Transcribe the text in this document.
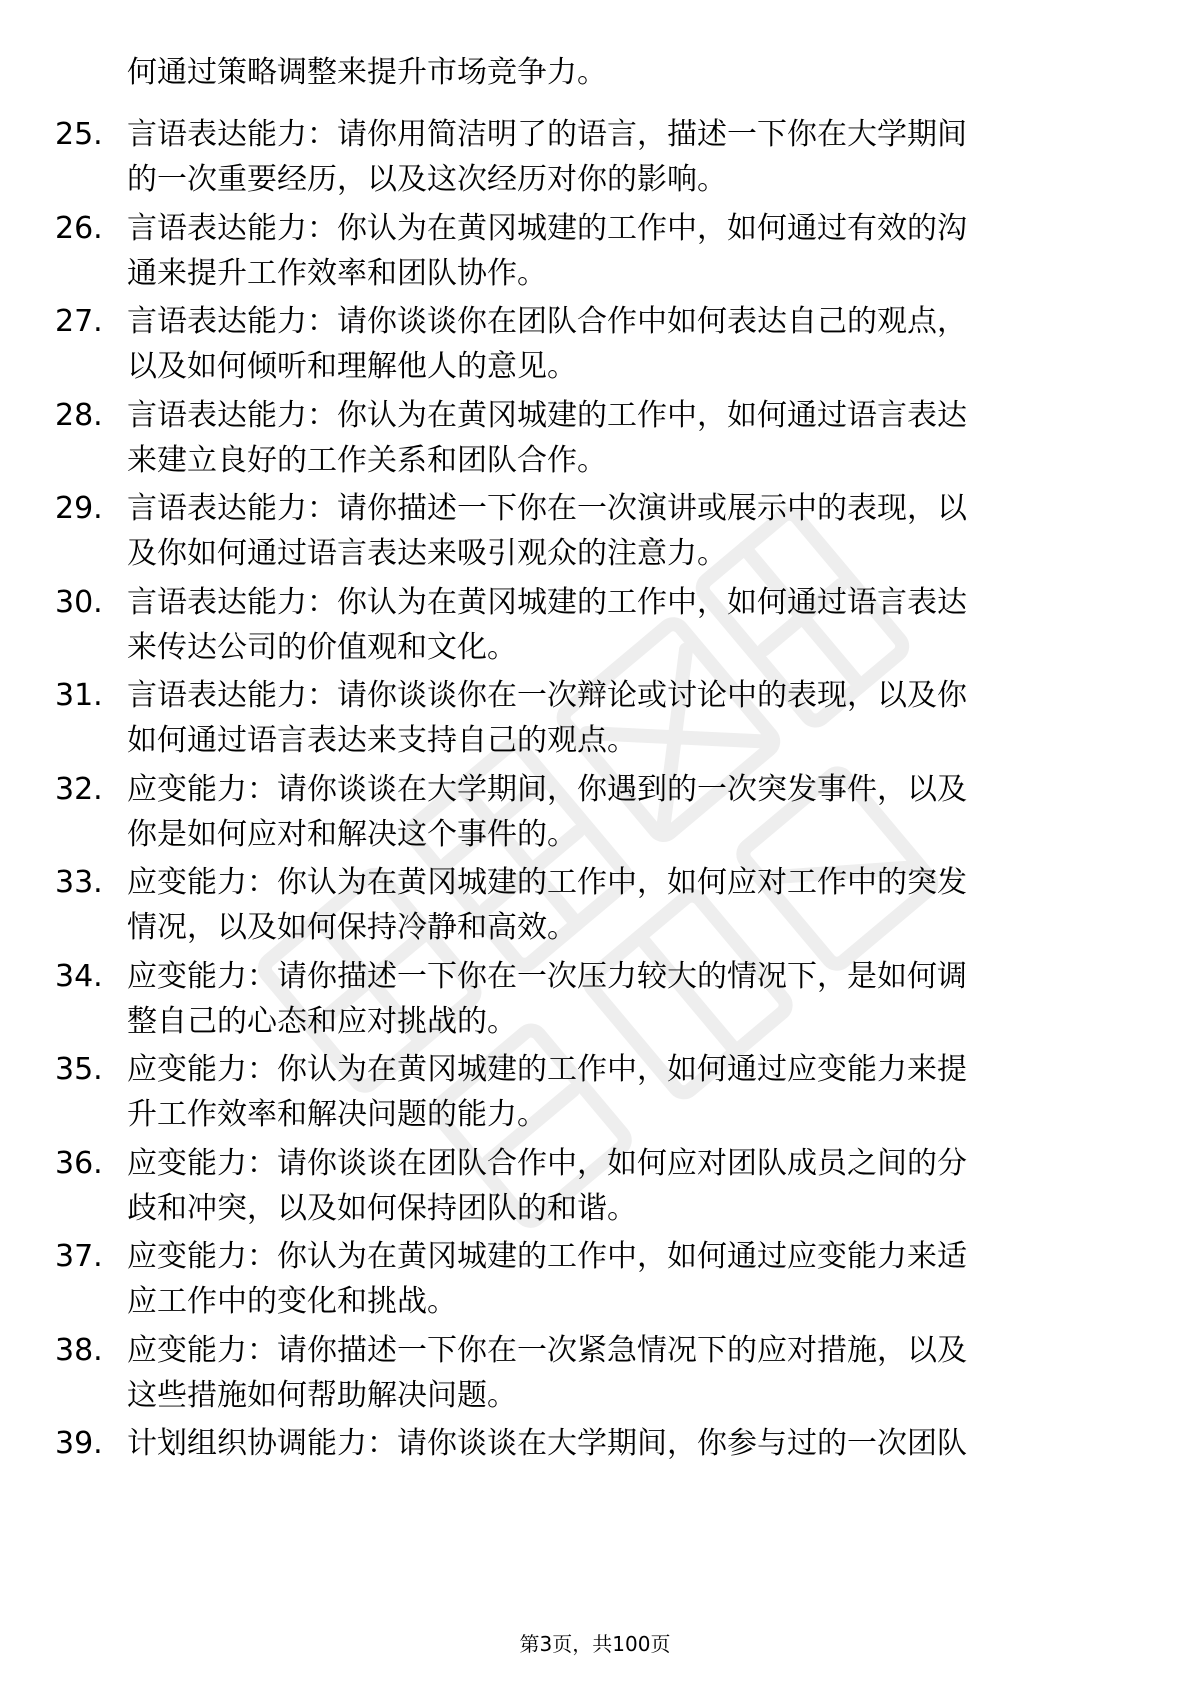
何通过策略调整来提升市场竞争力。
25. 言语表达能力：请你用简洁明了的语言，描述一下你在大学期间
的一次重要经历，以及这次经历对你的影响。
26. 言语表达能力：你认为在黄冈城建的工作中，如何通过有效的沟
通来提升工作效率和团队协作。
27. 言语表达能力：请你谈谈你在团队合作中如何表达自己的观点，
以及如何倾听和理解他人的意见。
28. 言语表达能力：你认为在黄冈城建的工作中，如何通过语言表达
来建立良好的工作关系和团队合作。
29. 言语表达能力：请你描述一下你在一次演讲或展示中的表现，以
及你如何通过语言表达来吸引观众的注意力。
30. 言语表达能力：你认为在黄冈城建的工作中，如何通过语言表达
来传达公司的价值观和文化。
31. 言语表达能力：请你谈谈你在一次辩论或讨论中的表现，以及你
如何通过语言表达来支持自己的观点。
32. 应变能力：请你谈谈在大学期间，你遇到的一次突发事件，以及
你是如何应对和解决这个事件的。
33. 应变能力：你认为在黄冈城建的工作中，如何应对工作中的突发
情况，以及如何保持冷静和高效。
34. 应变能力：请你描述一下你在一次压力较大的情况下，是如何调
整自己的心态和应对挑战的。
35. 应变能力：你认为在黄冈城建的工作中，如何通过应变能力来提
升工作效率和解决问题的能力。
36. 应变能力：请你谈谈在团队合作中，如何应对团队成员之间的分
歧和冲突，以及如何保持团队的和谐。
37. 应变能力：你认为在黄冈城建的工作中，如何通过应变能力来适
应工作中的变化和挑战。
38. 应变能力：请你描述一下你在一次紧急情况下的应对措施，以及
这些措施如何帮助解决问题。
39. 计划组织协调能力：请你谈谈在大学期间，你参与过的一次团队
第3页，共100页
